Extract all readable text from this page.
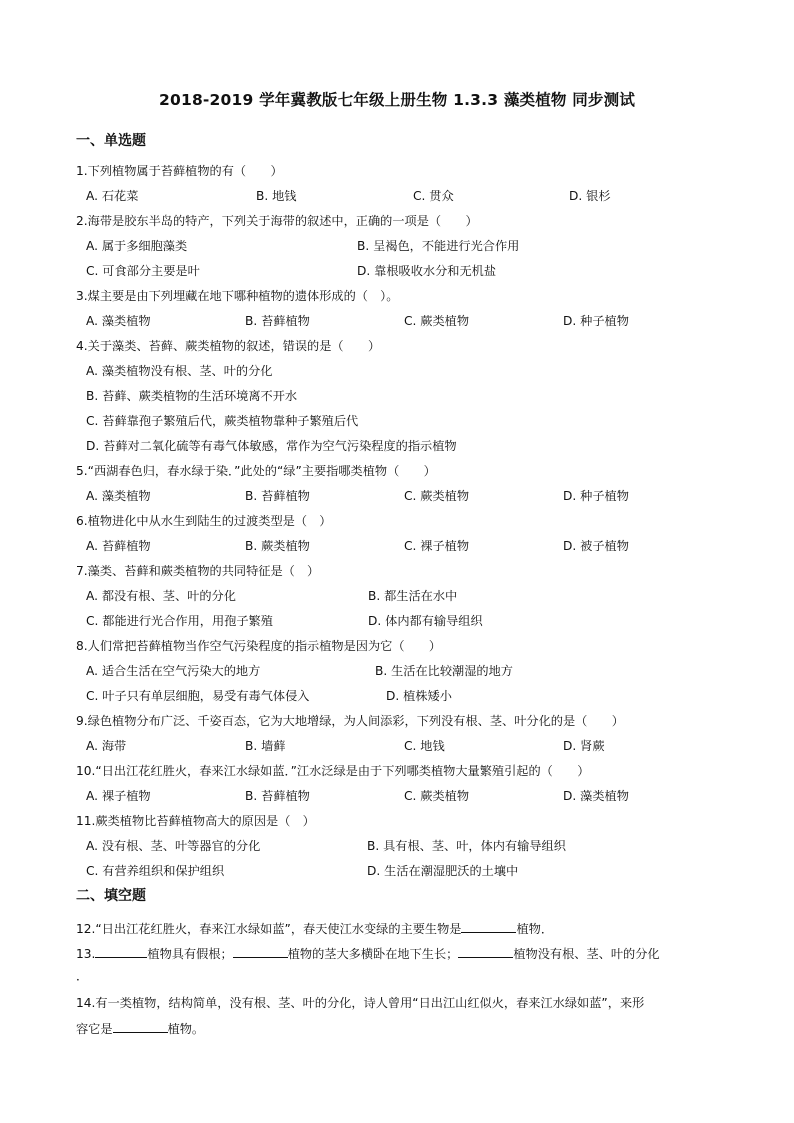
2018-2019 学年冀教版七年级上册生物 1.3.3 藻类植物 同步测试
一、单选题
1.下列植物属于苔藓植物的有（　　）
A. 石花菜	B. 地钱	C. 贯众	D. 银杉
2.海带是胶东半岛的特产，下列关于海带的叙述中，正确的一项是（　　）
A. 属于多细胞藻类	B. 呈褐色，不能进行光合作用
C. 可食部分主要是叶	D. 靠根吸收水分和无机盐
3.煤主要是由下列埋藏在地下哪种植物的遗体形成的（　）。
A. 藻类植物	B. 苔藓植物	C. 蕨类植物	D. 种子植物
4.关于藻类、苔藓、蕨类植物的叙述，错误的是（　　）
A. 藻类植物没有根、茎、叶的分化
B. 苔藓、蕨类植物的生活环境离不开水
C. 苔藓靠孢子繁殖后代，蕨类植物靠种子繁殖后代
D. 苔藓对二氧化硫等有毒气体敏感，常作为空气污染程度的指示植物
5.“西湖春色归，春水绿于染．”此处的“绿”主要指哪类植物（　　）
A. 藻类植物	B. 苔藓植物	C. 蕨类植物	D. 种子植物
6.植物进化中从水生到陆生的过渡类型是（　）
A. 苔藓植物	B. 蕨类植物	C. 裸子植物	D. 被子植物
7.藻类、苔藓和蕨类植物的共同特征是（　）
A. 都没有根、茎、叶的分化	B. 都生活在水中
C. 都能进行光合作用，用孢子繁殖	D. 体内都有输导组织
8.人们常把苔藓植物当作空气污染程度的指示植物是因为它（　　）
A. 适合生活在空气污染大的地方	B. 生活在比较潮湿的地方
C. 叶子只有单层细胞，易受有毒气体侵入	D. 植株矮小
9.绿色植物分布广泛、千姿百态，它为大地增绿，为人间添彩，下列没有根、茎、叶分化的是（　　）
A. 海带	B. 墙藓	C. 地钱	D. 肾蕨
10.“日出江花红胜火，春来江水绿如蓝．”江水泛绿是由于下列哪类植物大量繁殖引起的（　　）
A. 裸子植物	B. 苔藓植物	C. 蕨类植物	D. 藻类植物
11.蕨类植物比苔藓植物高大的原因是（　）
A. 没有根、茎、叶等器官的分化	B. 具有根、茎、叶，体内有输导组织
C. 有营养组织和保护组织	D. 生活在潮湿肥沃的土壤中
二、填空题
12.“日出江花红胜火，春来江水绿如蓝”，春天使江水变绿的主要生物是	植物．
13.	植物具有假根；	植物的茎大多横卧在地下生长；	植物没有根、茎、叶的分化
．
14.有一类植物，结构简单，没有根、茎、叶的分化，诗人曾用“日出江山红似火，春来江水绿如蓝”，来形
容它是	植物。
